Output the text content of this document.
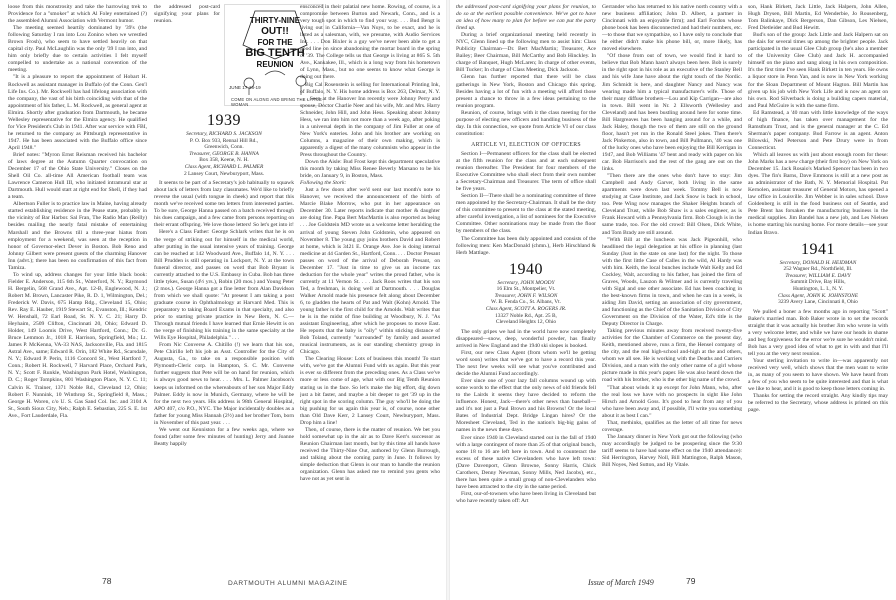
loose from this monstrosity and take the harrowing trek to Providence for a "smoker" at which Al Foley entertained (?) the assembled Alumni Association with Vermont humor.

The meeting seemed heartily dominated by '39's (the following Saturday I ran into Lou Zonino when we wrestled Brown Frosh), who seem to have settled heavily on that capital city. Paul McLaughlin was the only '39 I ran into, and him only briefly due to certain activities I felt myself compelled to undertake as a national convention of the meeting.

"It is a pleasure to report the appointment of Hobart H. Rockwell as assistant manager in Buffalo (of the Conn. Gen'l Life Ins. Co.). Mr. Rockwell has had lifelong association with the company, the vast of his birth coinciding with that of the appointment of his father, L. M. Rockwell, as general agent at Elmira. Shortly after graduation from Dartmouth, he became Wellesley representative for the Elmira agency. He qualified for Vice President's Club in 1941. After war service with FBI, he returned to the company as Pittsburgh representative in 1947. He has been associated with the Buffalo office since April 1948."

Brief notes: "Myron Ernst Reisman received his bachelor of laws degree at the Autumn Quarter convocation on December 17 of the Ohio State University." Closes on the Shell Oil Co. all-time All American football team was Lawrence Cameron Hull III, who initiated intramural star at Dartmouth. Hull would start at right end for Shell, if they had a team.

Albertson Fuller is to practice law in Maine, having already started establishing residence in the Pease state, probably in the vicinity of Bar Harbor. Sal Fran, The Radio Man (Reilly) besides mailing the nearly fatal mistake of entertaining Marshall and the Browns till a three-year hiatus from employment for a weekend, was seen at the reception in honor of Governor-elect Dever in Boston. Bob Reno and Johnny Gilbert were present guests of the charming Hanover Inn (advt.); there has been no confirmation of this fact from Tamiza.

To wind up, address changes for your little black book: Fielder E. Anderson, 115 6th St., Waterford, N. Y.; Raymond H. Bergelin, 568 Grand Ave., Apt. 12-B, Englewood, N. J.; Robert M. Brown, Lancaster Pike, R. D. 1, Wilmington, Del.; Frederick W. Davis, 675 Hamp Rdg., Cleveland 15, Ohio; Rev. Ray E. Hauber, 1919 Stewart St., Evanston, Ill.; Kendric W. Henshall, 72 Earl Road, St. N. Y. C. 21; Harry D. Heyhaim, 2509 Clifton, Cincinnati 20, Ohio; Edward D. Holder, 149 Loomis Drive, West Hartford, Conn.; Dr. G. Bruce Lemmon Jr., 1018 E. Harrison, Springfield, Mo.; Lt. James P. McKenna, VA-33 NAS, Jacksonville, Fla. and 1815 Astral Ave., same; Edward R. Orin, 182 White Rd., Scarsdale, N. Y.; Edward P. Perin, 1116 Concord St., West Hartford 7, Conn.; Robert H. Rockwell, 7 Harvard Place, Orchard Park, N. Y.; Scott F. Runkle, Washington Park Hotel, Washington, D. C.; Roger Tompkins, 801 Washington Place, N. Y. C. 11; Calvin K. Trainer, 1371 Noble Rd., Cleveland 12, Ohio; Robert F. Nunnink, 10 Winthrop St., Springfield 8, Mass.; George H. Woren, c/o U. S. Gas Sand Col. Inc. and 3104 A St., South Sioux City, Neb.; Ralph E. Sebastian, 225 S. E. 1st Ave., Fort Lauderdale, Fla.

1939
Secretary, RICHARD S. JACKSON
P. O. Box 933, Rennal Hill Rd.,
Greenwich, Conn.
Treasurer, GEORGE B. HANNA
Box 358, Keene, N. H.
Class Agent, RICHARD L. PALMER
2 Lansey Court, Newburyport, Mass.

It seems to be part of a Secretary's job habitually to squawk about lack of letters from lazy classmates. We'd like to briefly reverse the usual (with tongue in cheek) and report that this month we've received some ten letters from interested parties. To be sure, George Hanna passed on a batch received through his dues campaign, and a few came from persons reporting on their errant offspring. We love those letters! So let's get into it!

Here's a Class Father: George Schlark writes that he is on the verge of striking out for himself in the medical world, after putting in the usual intensive years of training. George can be reached at 142 Woodward Ave., Buffalo 14, N. Y. . . . Bill Prudden is still operating in Lockport, N. Y. at the town funeral director, and passes on word that Bob Bryant is currently attached to the U.S. Embassy in Cuba. Bob has three little tykes, Susan (4½ yrs.), Robin (20 mos.) and Young Peter (2 mos.). George Hanna got a fine letter from Alan Davidson from which we shall quote: "At present I am taking a post graduate course in Ophthalmology at Harvard Med. This is preparatory to taking Board Exams in that specialty, and also prior to starting private practice in New Bern, N. C.—Through mutual friends I have learned that Ernie Hewitt is on the verge of finishing his training in the same specialty at the Wills Eye Hospital, Philadelphia." . . .

From Nic Converse A. Chitillo (!) we learn that his son, Pete Chirillo left his job as Asst. Controller for the City of Augusta, Ga., to take on a responsible position with Plymouth-Cleric corp. in Hampton, S. C. Mr. Converse further suggests that Pete will be on hand for reunion, which is always good news to hear. . . . Mrs. L. Palmer Jacobson's keeps us informed on the whereabouts of her son Major Eddy Palmer. Eddy is now in Munich, Germany, where he will be for the next two years. His address is 98th General Hospital, APO 407, c/o P.O., NYC. The Major incidentally doubles as a father for young Miss Hannah (2½) and her brother Tom, born in November of this past year. . . .

We went out Kenniston for a few weeks ago, where we found (after some few minutes of hunting) Jerry and Joanne Beatty happily

the addressed post-card signifying your plans for reunion.	THIRTY-NINE
OUT!!
FOR THE
BIG TENTH
REUNION
JUNE 17-18-19
COME ON ALONG AND BRING THE LITTLE WOMAN

ensconced in their palatial new home. Rowing, of course, is a compromise between Burton and Newark, Conn., and is a very tough spot in which to find your way. . . . Bud Bengt is living out in California—Van Nuys, to be exact, and he is listed as a salesman, with, we presume, with Audio Services Inc. . . . Don Bixler is a guy we've never been able to get a good line on since abandoning the mortar board in the spring of '39. The College tells us that George is living at 865 S. 5th Ave., Kankakee, Ill., which is a long way from his hometown of Lynn, Mass., but no one seems to know what George is doing out there.

Big Cal Rosenstein is selling for International Printing Ink, of Buffalo, N. Y. His home address is Box 263, Delmar, N. Y. . . . Seen at the Hanover Inn recently were Johnny Perry and spouse, Doctor Charlie Neer and his wife, Mr. and Mrs. Harry Schneider, John Hill, and John Hess. Speaking about Johnny Hess, we ran into him not more than a week ago, after poking in a universal depth in the company of Jim Fuller at one of New York's eateries. John and his brother are working on Columns, a magazine of their own making, which is apparently a digest of the many columnists who appear in the Press throughout the Country.

Down the Aisle: Bud Frost kept this department speculative this month by taking Miss Renee Beverly Marsano to be his bride, on January 9, in Boston, Mass.

Following the Stork:

Just a few doors after we'd sent our last month's note to Hanover, we received the announcement of the birth of Marcie Blake Morrow, who put in her appearance on December 30. Later reports indicate that mother & daughter are doing fine. Papa Bert MacMartin is also reported as being . . . Joe Goldstein MD wrote us a welcome letter heralding the arrival of young Steven John Goldstein, who appeared on November 8. The young guy joins brothers David and Robert at home, which is 3421 E. Orange Ave. Joe is doing internal medicine at 44 Garden St., Hartford, Conn. . . . Doctor Presant passes on word of the arrival of Deborah Presant, on December 17. "Just in time to give us an income tax deduction for the whole year" writes the proud father, who is currently at 11 Vernon St. . . . Jack Roos writes that his son Ted, a freshman, is doing well at Dartmouth. . . . Douglas Walker Arnold made his presence felt along about December 6, to gladden the hearts of Pat and Walt (Kohn) Arnold. The young father is the first child for the Arnolds. Walt writes that he is in the midst of fine building at Woodbury, N. J. "As assistant Engineering, after which he proposes to move East. He reports that the baby is "oily" within sticking distance of Bob Toland, currently "surrounded" by family and assorted musical instruments, as is our standing chemistry group in Chicago.

The Clearing House: Lots of business this month! To start with, we've got the Alumni Fund with us again. But this year is ever so different from the preceding ones. As a Class we've more or less come of age, what with our Big Tenth Reunion staring us in the face. So let's make the big effort, dig down just a bit faster, and maybe a bit deeper to get '39 up in the right spot in the scoring column. The guy who'll be doing the big pushing for us again this year is, of course, none other than Old Dave Kerr, 2 Lansey Court, Newburyport, Mass. Drop him a line!

Then, of course, there is the matter of reunion. We bet you hold somewhat up in the air as to Dave Kerr's successor as Reunion Chairman last month, but by this time all hands have received the Thirty-Nine Out, authored by Glenn Burrough, and talking about the coming party in June. It follows by simple deduction that Glenn is our man to handle the reunion organization. Glenn has asked me to remind you gents who have not as yet sent in

78	DARTMOUTH ALUMNI MAGAZINE

the addressed post-card signifying your plans for reunion, to do so at the earliest possible convenience. We've got to have an idea of how many to plan for before we can put the party lined up.

During a brief organizational meeting held recently in NYC, Glenn lined up the following men to assist him: Class Publicity Chairman—Dr. Bert MacMartin; Treasurer, Ace Bailey; Beer Chairman, Bill McCarthy and Bob Hinckley. In charge of Banquet, Hugh McLaren; In charge of other events, Bill Tucker; In charge of Class Meeting, Dick Jackson.

Glenn has further reported that there will be class gatherings in New York, Boston and Chicago this spring. Besides having a lot of fun with a meeting will afford those present a chance to throw in a few ideas pertaining to the reunion program.

Reunion, of course, brings with it the class meeting for the purpose of electing new officers and handling business of the day. In this connection, we quote from Article VI of our class constitution:

ARTICLE VI, ELECTION OF OFFICERS

Section I—Permanent officers for the class shall be elected at the fifth reunion for the class and at each subsequent reunion thereafter. The President for four members of the Executive Committee who shall elect from their own number a Secretary-Chairman and Treasurer. The term of office shall be five years.

Section II—There shall be a nominating committee of three men appointed by the Secretary-Chairman. It shall be the duty of this committee to present to the class at the stated meeting, after careful investigation, a list of nominees for the Executive Committee. Other nominations may be made from the floor by members of the class.

The Committee has been duly appointed and consists of the following men: Ken MacDonald (chmn.), Herb Hirschland & Herb Mattlage.

1940
Secretary, JOHN MOODY
16 Elm St., Montpelier, Vt.
Treasurer, JOHN F. WILSON
W. B. Fenda Co., St. Albans, Vt.
Class Agent, SCOTT A. ROGERS JR.
13327 Noble Rd., Apt. 25 B,
Cleveland Heights 12, Ohio

The only gripes we had in the world have now completely disappeared—snow, deep, wonderful powder, has finally arrived in New England and the 1940 ski slopes is booked.

First, our new Class Agent (from whom we'll be getting word soon) writes that we've got to have a record this year. The next few weeks will see what you've contributed and decide the Alumni Fund accordingly.

Ever since one of your lazy fall columns wound up with some words to the effect that the only news of old friends fell to the Lairds it seems they have decided to reform the influence. Honest, Jack—there's other news than baseball—and it's not just a Paul Brown and his Browns! Or the local Bates of Industrial Dept. Bridge Lingan hires? Or the Moresheet Cleveland, Ted in the nation's big-big gains of names in the news these days.

Ever since 1940 in Cleveland started out in the fall of 1940 with a large contingent of more than 25 of that original bunch, some 18 to 16 are left here in town. And to counteract the excess of these native Clevelanders who have left town: (Dave Davenport, Glenn Browne, Sonny Harris, Chick Carothers, Denny Newman, Sonny Mills, Ned Jacobs), etc., there has been quite a small group of non-Clevelanders who have been attracted to the city in the same period.

First, our-of-towners who have been living in Cleveland but who have recently taken off: Art

Gerrander who has returned to his native north country with a new business affiliation; John D. Albert, a partner in Cincinnati with an enjoyable firm); and Earl Fordon whose phone book has been disconnected and had their numbers, etc.—to those that we sympathize, so I have only to conclude that he either didn't make his phone bill, or, more likely, has moved elsewhere.

"Of those from out of town, we would find it hard to believe that Bob Mann hasn't always been here. Bob is surely in the right spot in his role as an executive of the Stanley Bell and his wife Jane have about the right touch of the Nordic. Jim Schmidt is here, and daughter Nancy and Nancy was wearing made him a typical manufacturer's wife. Those of their many diffuse brothers—Lou and Kip Carrigan—are also in town. Bill went in Nr. 2 Ellsworth (Wellesley and Cleveland) and has been bustling around here for some time. Bill Hargreaves has been hanging around for a while, and Jack Haley, though the two of them are still on the ground floor, hasn't yet run in the Ronald Steel jokes. Then there's Jack Pinkerton, also in town, and Bill Pullmann, '40 was one of the lucky ones who have been enjoying the Bill Kerrigan in 1947, and Bob Williams '47 bent and ready with paper on his car. Bob Harrison's and the rest of the gang are out on the links.

"Then there are the ones who don't have to stay: Jim Campbell and Andy Garver, both living in the same apartments were down last week. Tommy Bell is now studying at Case Institute, and Jack Snow is back in school, too. Pete Wing now manages the Shaker Heights branch of Cleveland Trust, while Bob Shaw is a sales engineer, as is Frank Howard with a Pennsylvania firm. Bob Clough is in the same trade, too. For the old crowd: Bill Olsen, Dick White, and Tom Brady are still around.

"With Bill at the luncheon was Jack Pigeonhill, who headlined the legal delegation at his office in planning (last Sunday (Just in the state on one last) for the night. To those with the first little Case of Calles in the wild, Al Hardy was with him. Keith, the local bunches include Walt Kelly and Ed Cockley, Walt, according to his father, has joined the firm of Graves, Woods, Lauzon & Wilmer and is currently traveling with Sigal and one other associate. Ed has been coaching in the best-known firms in town, and when he can in a week, is aiding Jim David, setting an association of city government, and functioning as the Chief of the Sanitation Division of City Government on the Division of the Water, Ed's title is the Deputy Director in Charge.

Taking previous minutes away from received twenty-five activities for the Chamber of Commerce on the present day, Keith, mentioned above, runs a firm, the Hensel company of the city, and the real high-school and-high at the and others, whom we all see. He is working with the Deaths and Carriers Division, and a man with the only other name of a girl whose picture made in this year's paper. He was also heard down the road with his brother, who is the other big name of the crowd.

"That about winds it up except for John Mann, who, after the real loss we have with no prospects in sight like John Hirsch and Arnold Goss. It's good to hear from any of you who have been away and, if possible, I'll write you something about it as best I can."

That, methinks, qualifies as the letter of all time for news coverage.

The January dinner in New York got out the following (who may accordingly be judged to be prospering since the 9:30 tariff seems to have had some effect on the 1940 attendance): Sid Herrington, Harvey Noll, Bill Mattington, Ralph Mason, Bill Noyes, Ned Sutton, and Hy Vitale.

son, Hank Birkett, Jack Little, Jack Halpern, John Allen, Hugh Drysen, Bill Martin, Ed Wenderbie, Jo Rousenberg, Tom Balinkaye, Dick Bergerson, Dan Gibson, Les Nielsen, Fred Dietleider and Bud Hewitt.

Bud's son of the group: Jack Little and Jack Halpern sat on the dais for several times up among the brighter people. Jack participated in the usual Glee Club group (he's also a member of the University Glee Club) and Jack H. accompanied himself on the piano and sang along in his own composition. It's the first time I've seen Hank Birkett in ten years. He owns a liquor store in Penn Yan, and is now in New York working for the Sloan Department of Mount Hagton. Bill Martin has given up his job with New York Life and is now an agent on his own. Rod Silverback is doing a building capers material, and Paul McGuire is with the same firm.

Ed Ramstead, a '40 man with little knowledge of the ways of high finance, has taken over management for the Ramsthum Trust, and is the general manager at the C. Ed Sherman's paper company. Bud Farrow is an agent. Anton Bilowski, Ned Peterson and Pete Drury were in from Connecticut.

Which all leaves us with just about enough room for these: John Marks has a new charge (their first boy) on New York on December 15. Jack Rosaio's Marked Spencer has been in two dyes. The fin's Barns, Dave Emmons is still at a new post as an administrator of the Bath, N. Y. Memorial Hospital. Pat Kernolen, assistant treasurer of General Motors, has opened a law office in Louisville. Jim Webber is in sales school. Dave Goldenberg is still in the food business out of Seattle, and Pete Brent has forsaken the manufacturing business in the medical supplies. Jim Bandel has a new job, and Les Nielsen is home starting his nursing home. For more details—see your Indian Bravo.

1941
Secretary, DONALD H. HEIDMAN
252 Wagner Rd., Northfield, Ill.
Treasurer, WILLIAM E. DAVY
Summit Drive, Bay Hills,
Huntington, L. I., N. Y.
Class Agent, JOHN K. JOHNSTONE
3239 Avery Lane, Cincinnati 8, Ohio

We pulled a boner a few months ago in reporting "Scott" Baker's married man. Bob Baker wrote in to set the records straight that it was actually his brother Jim who wrote in with a very welcome letter, and while we have our heads in shame and beg forgiveness for the error we're sure he wouldn't mind. Bob has a very good idea of what to get in with and that I'll tell you at the very next reunion.

Your sterling invitation to write in—was apparently not received very well, which shows that the men want to write in, as many of you seem to have shown. We have heard from a few of you who seem to be quite interested and that is what we like to hear, and it is good to keep those letters coming in.

Thanks for setting the record straight. Any kindly tips may be referred to the Secretary, whose address is printed on this page.

Issue of March 1949	79
